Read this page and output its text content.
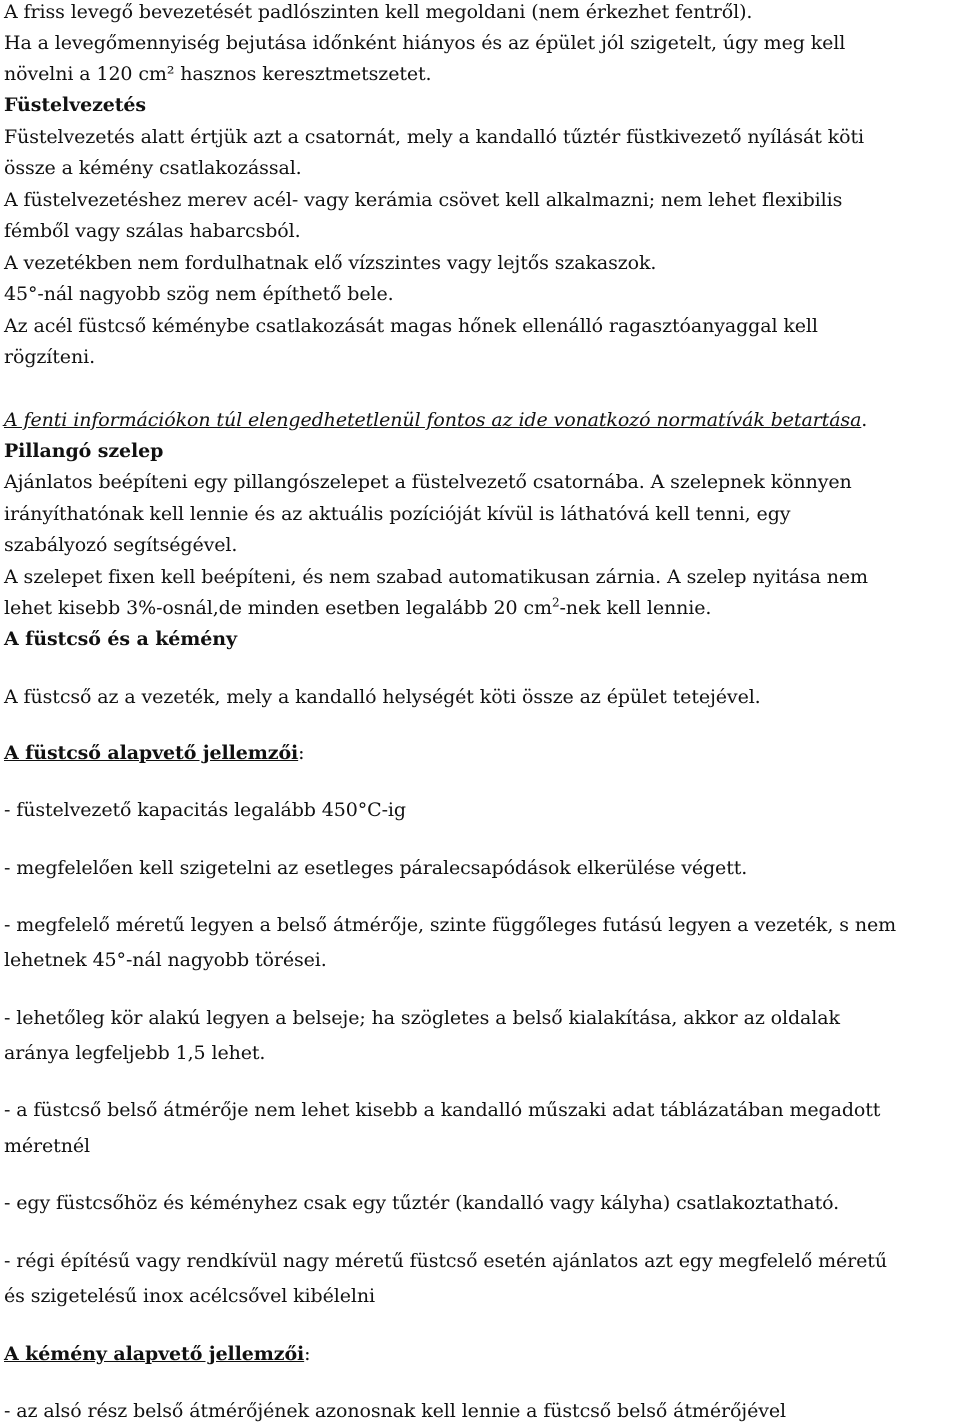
A friss levegő bevezetését padlószinten kell megoldani (nem érkezhet fentről).

Ha a levegőmennyiség bejutása időnként hiányos és az épület jól szigetelt, úgy meg kell

növelni a 120 cm² hasznos keresztmetszetet.

Füstelvezetés

Füstelvezetés alatt értjük azt a csatornát, mely a kandalló tűztér füstkivezető nyílását köti

össze a kémény csatlakozással.

A füstelvezetéshez merev acél- vagy kerámia csövet kell alkalmazni; nem lehet flexibilis

fémből vagy szálas habarcsból.

A vezetékben nem fordulhatnak elő vízszintes vagy lejtős szakaszok.

45°-nál nagyobb szög nem építhető bele.

Az acél füstcső kéménybe csatlakozását magas hőnek ellenálló ragasztóanyaggal kell

rögzíteni.

A fenti információkon túl elengedhetetlenül fontos az ide vonatkozó normatívák betartása.

Pillangó szelep

Ajánlatos beépíteni egy pillangószelepet a füstelvezető csatornába. A szelepnek könnyen

irányíthatónak kell lennie és az aktuális pozícióját kívül is láthatóvá kell tenni, egy

szabályozó segítségével.

A szelepet fixen kell beépíteni, és nem szabad automatikusan zárnia. A szelep nyitása nem

lehet kisebb 3%-osnál,de minden esetben legalább 20 $cm^2$-nek kell lennie.

A füstcső és a kémény

A füstcső az a vezeték, mely a kandalló helységét köti össze az épület tetejével.

A füstcső alapvető jellemzői:

- füstelvezető kapacitás legalább 450°C-ig

- megfelelően kell szigetelni az esetleges páralecsapódások elkerülése végett.

- megfelelő méretű legyen a belső átmérője, szinte függőleges futású legyen a vezeték, s nem

lehetnek 45°-nál nagyobb törései.

- lehetőleg kör alakú legyen a belseje; ha szögletes a belső kialakítása, akkor az oldalak

aránya legfeljebb 1,5 lehet.

- a füstcső belső átmérője nem lehet kisebb a kandalló műszaki adat táblázatában megadott

méretnél

- egy füstcsőhöz és kéményhez csak egy tűztér (kandalló vagy kályha) csatlakoztatható.

- régi építésű vagy rendkívül nagy méretű füstcső esetén ajánlatos azt egy megfelelő méretű

és szigetelésű inox acélcsővel kibélelni

A kémény alapvető jellemzői:

- az alsó rész belső átmérőjének azonosnak kell lennie a füstcső belső átmérőjével
